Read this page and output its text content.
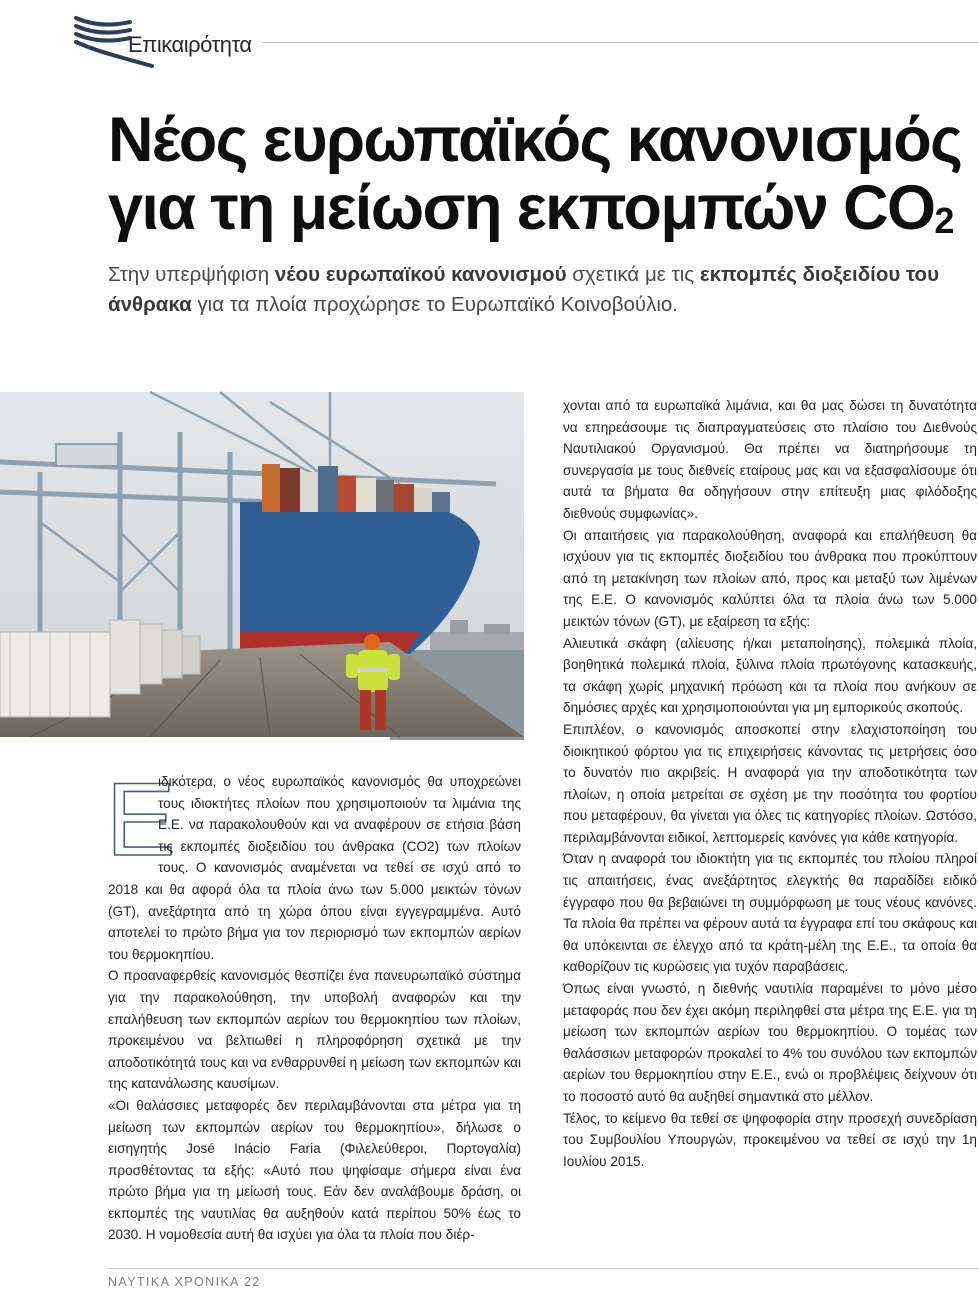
Επικαιρότητα
Νέος ευρωπαϊκός κανονισμός
για τη μείωση εκπομπών $CO_2$

Στην υπερψήφιση νέου ευρωπαϊκού κανονισμού σχετικά με τις εκπομπές διοξειδίου του άνθρακα για τα πλοία προχώρησε το Ευρωπαϊκό Κοινοβούλιο.

Ε

ιδικότερα, ο νέος ευρωπαϊκός κανονισμός θα υποχρεώνει τους ιδιοκτήτες πλοίων που χρησιμοποιούν τα λιμάνια της Ε.Ε. να παρακολουθούν και να αναφέρουν σε ετήσια βάση τις εκπομπές διοξειδίου του άνθρακα (CO2) των πλοίων τους. Ο κανονισμός αναμένεται να τεθεί σε ισχύ από το 2018 και θα αφορά όλα τα πλοία άνω των 5.000 μεικτών τόνων (GT), ανεξάρτητα από τη χώρα όπου είναι εγγεγραμμένα. Αυτό αποτελεί το πρώτο βήμα για τον περιορισμό των εκπομπών αερίων του θερμοκηπίου.

Ο προαναφερθείς κανονισμός θεσπίζει ένα πανευρωπαϊκό σύστημα για την παρακολούθηση, την υποβολή αναφορών και την επαλήθευση των εκπομπών αερίων του θερμοκηπίου των πλοίων, προκειμένου να βελτιωθεί η πληροφόρηση σχετικά με την αποδοτικότητά τους και να ενθαρρυνθεί η μείωση των εκπομπών και της κατανάλωσης καυσίμων.

«Οι θαλάσσιες μεταφορές δεν περιλαμβάνονται στα μέτρα για τη μείωση των εκπομπών αερίων του θερμοκηπίου», δήλωσε ο εισηγητής José Inácio Faria (Φιλελεύθεροι, Πορτογαλία) προσθέτοντας τα εξής: «Αυτό που ψηφίσαμε σήμερα είναι ένα πρώτο βήμα για τη μείωσή τους. Εάν δεν αναλάβουμε δράση, οι εκπομπές της ναυτιλίας θα αυξηθούν κατά περίπου 50% έως το 2030. Η νομοθεσία αυτή θα ισχύει για όλα τα πλοία που διέρ-

χονται από τα ευρωπαϊκά λιμάνια, και θα μας δώσει τη δυνατότητα να επηρεάσουμε τις διαπραγματεύσεις στο πλαίσιο του Διεθνούς Ναυτιλιακού Οργανισμού. Θα πρέπει να διατηρήσουμε τη συνεργασία με τους διεθνείς εταίρους μας και να εξασφαλίσουμε ότι αυτά τα βήματα θα οδηγήσουν στην επίτευξη μιας φιλόδοξης διεθνούς συμφωνίας».

Οι απαιτήσεις για παρακολούθηση, αναφορά και επαλήθευση θα ισχύουν για τις εκπομπές διοξειδίου του άνθρακα που προκύπτουν από τη μετακίνηση των πλοίων από, προς και μεταξύ των λιμένων της Ε.Ε. Ο κανονισμός καλύπτει όλα τα πλοία άνω των 5.000 μεικτών τόνων (GT), με εξαίρεση τα εξής:

Αλιευτικά σκάφη (αλίευσης ή/και μεταποίησης), πολεμικά πλοία, βοηθητικά πολεμικά πλοία, ξύλινα πλοία πρωτόγονης κατασκευής, τα σκάφη χωρίς μηχανική πρόωση και τα πλοία που ανήκουν σε δημόσιες αρχές και χρησιμοποιούνται για μη εμπορικούς σκοπούς.

Επιπλέον, ο κανονισμός αποσκοπεί στην ελαχιστοποίηση του διοικητικού φόρτου για τις επιχειρήσεις κάνοντας τις μετρήσεις όσο το δυνατόν πιο ακριβείς. Η αναφορά για την αποδοτικότητα των πλοίων, η οποία μετρείται σε σχέση με την ποσότητα του φορτίου που μεταφέρουν, θα γίνεται για όλες τις κατηγορίες πλοίων. Ωστόσο, περιλαμβάνονται ειδικοί, λεπτομερείς κανόνες για κάθε κατηγορία.

Όταν η αναφορά του ιδιοκτήτη για τις εκπομπές του πλοίου πληροί τις απαιτήσεις, ένας ανεξάρτητος ελεγκτής θα παραδίδει ειδικό έγγραφο που θα βεβαιώνει τη συμμόρφωση με τους νέους κανόνες. Τα πλοία θα πρέπει να φέρουν αυτά τα έγγραφα επί του σκάφους και θα υπόκεινται σε έλεγχο από τα κράτη-μέλη της Ε.Ε., τα οποία θα καθορίζουν τις κυρώσεις για τυχόν παραβάσεις.

Όπως είναι γνωστό, η διεθνής ναυτιλία παραμένει το μόνο μέσο μεταφοράς που δεν έχει ακόμη περιληφθεί στα μέτρα της Ε.Ε. για τη μείωση των εκπομπών αερίων του θερμοκηπίου. Ο τομέας των θαλάσσιων μεταφορών προκαλεί το 4% του συνόλου των εκπομπών αερίων του θερμοκηπίου στην Ε.Ε., ενώ οι προβλέψεις δείχνουν ότι το ποσοστό αυτό θα αυξηθεί σημαντικά στο μέλλον.

Τέλος, το κείμενο θα τεθεί σε ψηφοφορία στην προσεχή συνεδρίαση του Συμβουλίου Υπουργών, προκειμένου να τεθεί σε ισχύ την 1η Ιουλίου 2015.

ΝΑΥΤΙΚΑ ΧΡΟΝΙΚΑ 22
